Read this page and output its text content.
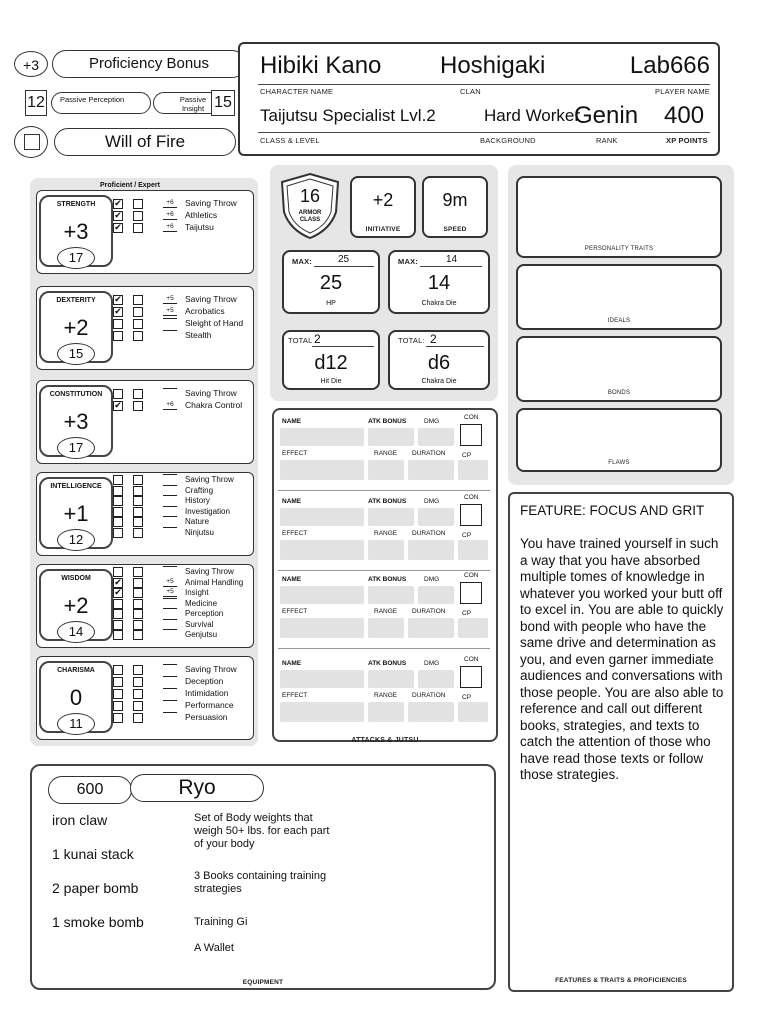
+3	Proficiency Bonus
12	Passive Perception	Passive Insight 15
Will of Fire
Hibiki Kano Hoshigaki	Lab666
CHARACTER NAME	CLAN	PLAYER NAME
Taijutsu Specialist Lvl.2	Hard Worker
Genin 400
CLASS & LEVEL	BACKGROUND	RANK	XP POINTS
Proficient / Expert
STRENGTH
+3
17
✔	+6	Saving Throw
✔	+6	Athletics
✔	+6	Taijutsu
DEXTERITY
+2
15
✔	+5	Saving Throw
✔	+5	Acrobatics
Sleight of Hand
Stealth
CONSTITUTION
+3
17
Saving Throw
✔	+6	Chakra Control
INTELLIGENCE
+1
12
Saving Throw
Crafting
History
Investigation
Nature
Ninjutsu
WISDOM
+2
14
Saving Throw
✔	+5	Animal Handling
✔	+5	Insight
Medicine
Perception
Survival
Genjutsu
CHARISMA
0
11
Saving Throw
Deception
Intimidation
Performance
Persuasion
16
ARMOR CLASS
+2
INITIATIVE
9m
SPEED
MAX:	25
25
HP
MAX:	14
14
Chakra Die
TOTAL 2
d12
Hit Die
TOTAL: 2
d6
Chakra Die
NAME	ATK BONUS	DMG
CON
EFFECT	RANGE DURATION	CP
NAME	ATK BONUS	DMG
CON
EFFECT	RANGE DURATION	CP
NAME	ATK BONUS	DMG
CON
EFFECT	RANGE DURATION	CP
NAME	ATK BONUS	DMG
CON
EFFECT	RANGE DURATION	CP
ATTACKS & JUTSU
PERSONALITY TRAITS
IDEALS
BONDS
FLAWS
FEATURE: FOCUS AND GRIT
You have trained yourself in such a way that you have absorbed multiple tomes of knowledge in whatever you worked your butt off to excel in. You are able to quickly bond with people who have the same drive and determination as you, and even garner immediate audiences and conversations with those people. You are also able to reference and call out different books, strategies, and texts to catch the attention of those who have read those texts or follow those strategies.
FEATURES & TRAITS & PROFICIENCIES
600	Ryo
iron claw
1 kunai stack
2 paper bomb
1 smoke bomb
Set of Body weights that weigh 50+ lbs. for each part of your body
3 Books containing training strategies
Training Gi
A Wallet
EQUIPMENT
